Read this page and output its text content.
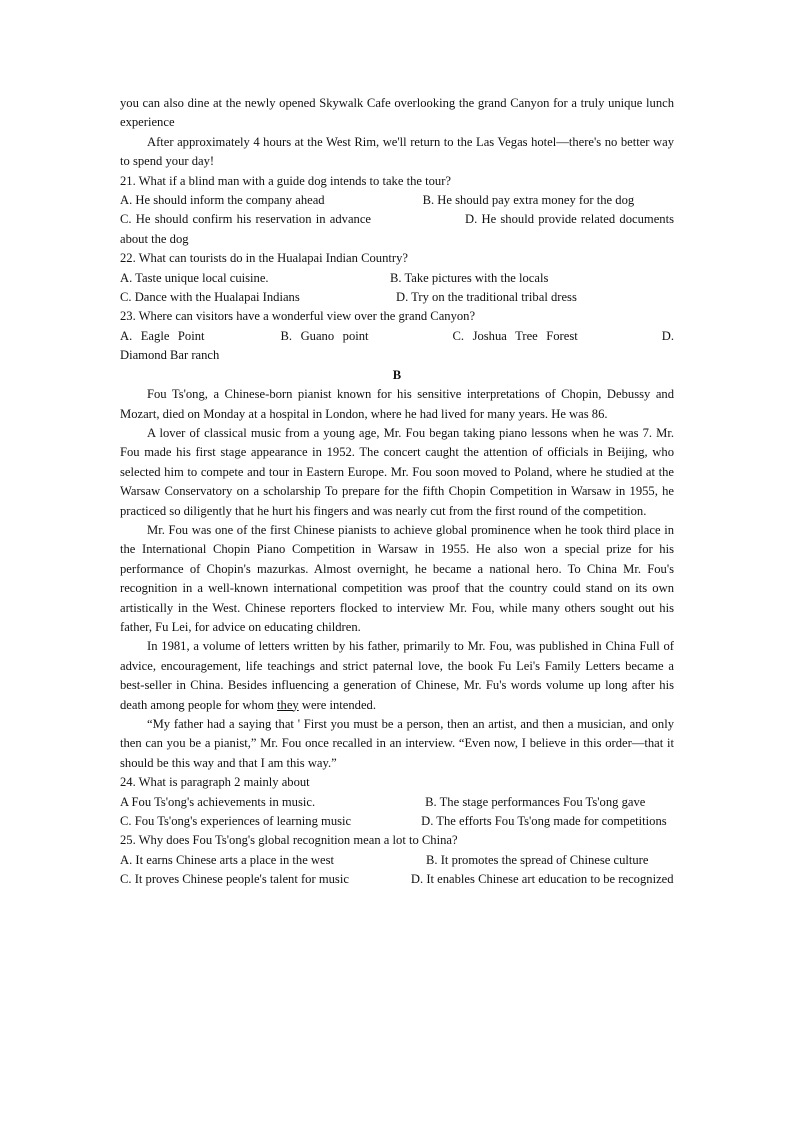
you can also dine at the newly opened Skywalk Cafe overlooking the grand Canyon for a truly unique lunch experience

After approximately 4 hours at the West Rim, we'll return to the Las Vegas hotel—there's no better way to spend your day!

21. What if a blind man with a guide dog intends to take the tour?

A. He should inform the company ahead	B. He should pay extra money for the dog

C. He should confirm his reservation in advance	D. He should provide related documents about the dog

22. What can tourists do in the Hualapai Indian Country?

A. Taste unique local cuisine.	B. Take pictures with the locals
C. Dance with the Hualapai Indians	D. Try on the traditional tribal dress

23. Where can visitors have a wonderful view over the grand Canyon?

A. Eagle Point	B. Guano point	C. Joshua Tree Forest	D. Diamond Bar ranch

B

Fou Ts'ong, a Chinese-born pianist known for his sensitive interpretations of Chopin, Debussy and Mozart, died on Monday at a hospital in London, where he had lived for many years. He was 86.

A lover of classical music from a young age, Mr. Fou began taking piano lessons when he was 7. Mr. Fou made his first stage appearance in 1952. The concert caught the attention of officials in Beijing, who selected him to compete and tour in Eastern Europe. Mr. Fou soon moved to Poland, where he studied at the Warsaw Conservatory on a scholarship To prepare for the fifth Chopin Competition in Warsaw in 1955, he practiced so diligently that he hurt his fingers and was nearly cut from the first round of the competition.

Mr. Fou was one of the first Chinese pianists to achieve global prominence when he took third place in the International Chopin Piano Competition in Warsaw in 1955. He also won a special prize for his performance of Chopin's mazurkas. Almost overnight, he became a national hero. To China Mr. Fou's recognition in a well-known international competition was proof that the country could stand on its own artistically in the West. Chinese reporters flocked to interview Mr. Fou, while many others sought out his father, Fu Lei, for advice on educating children.

In 1981, a volume of letters written by his father, primarily to Mr. Fou, was published in China Full of advice, encouragement, life teachings and strict paternal love, the book Fu Lei's Family Letters became a best-seller in China. Besides influencing a generation of Chinese, Mr. Fu's words volume up long after his death among people for whom they were intended.

“My father had a saying that ' First you must be a person, then an artist, and then a musician, and only then can you be a pianist,” Mr. Fou once recalled in an interview. “Even now, I believe in this order—that it should be this way and that I am this way.”

24. What is paragraph 2 mainly about

A Fou Ts'ong's achievements in music.	B. The stage performances Fou Ts'ong gave

C. Fou Ts'ong's experiences of learning music	D. The efforts Fou Ts'ong made for competitions

25. Why does Fou Ts'ong's global recognition mean a lot to China?

A. It earns Chinese arts a place in the west	B. It promotes the spread of Chinese culture

C. It proves Chinese people's talent for music	D. It enables Chinese art education to be recognized
